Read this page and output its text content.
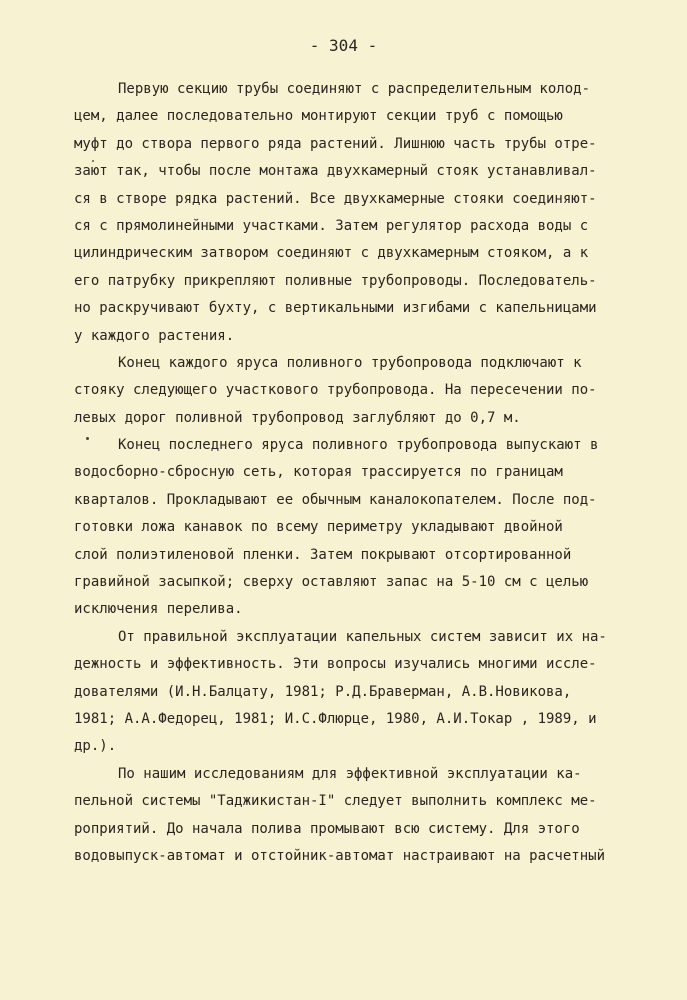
- 304 -
Первую секцию трубы соединяют с распределительным колод-
цем, далее последовательно монтируют секции труб с помощью
муфт до створа первого ряда растений. Лишнюю часть трубы отре-
зают так, чтобы после монтажа двухкамерный стояк устанавливал-
ся в створе рядка растений. Все двухкамерные стояки соединяют-
ся с прямолинейными участками. Затем регулятор расхода воды с
цилиндрическим затвором соединяют с двухкамерным стояком, а к
его патрубку прикрепляют поливные трубопроводы. Последователь-
но раскручивают бухту, с вертикальными изгибами с капельницами
у каждого растения.
Конец каждого яруса поливного трубопровода подключают к
стояку следующего участкового трубопровода. На пересечении по-
левых дорог поливной трубопровод заглубляют до 0,7 м.
Конец последнего яруса поливного трубопровода выпускают в
водосборно-сбросную сеть, которая трассируется по границам
кварталов. Прокладывают ее обычным каналокопателем. После под-
готовки ложа канавок по всему периметру укладывают двойной
слой полиэтиленовой пленки. Затем покрывают отсортированной
гравийной засыпкой; сверху оставляют запас на 5-10 см с целью
исключения перелива.
От правильной эксплуатации капельных систем зависит их на-
дежность и эффективность. Эти вопросы изучались многими иссле-
дователями (И.Н.Балцату, 1981; Р.Д.Браверман, А.В.Новикова,
1981; А.А.Федорец, 1981; И.С.Флюрце, 1980, А.И.Токар , 1989, и
др.).
По нашим исследованиям для эффективной эксплуатации ка-
пельной системы "Таджикистан-I" следует выполнить комплекс ме-
роприятий. До начала полива промывают всю систему. Для этого
водовыпуск-автомат и отстойник-автомат настраивают на расчетный
